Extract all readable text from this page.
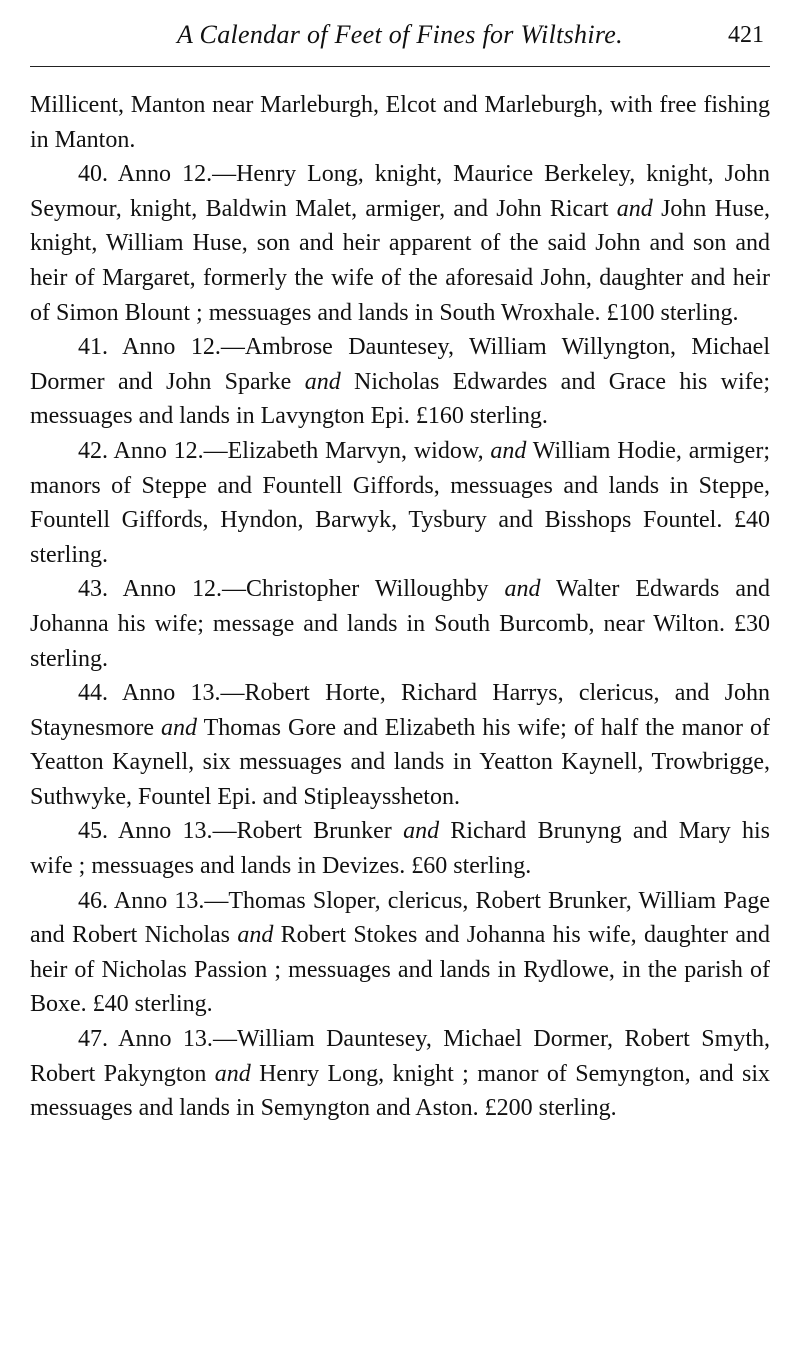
A Calendar of Feet of Fines for Wiltshire.	421

Millicent, Manton near Marleburgh, Elcot and Marleburgh, with free fishing in Manton.

40. Anno 12.—Henry Long, knight, Maurice Berkeley, knight, John Seymour, knight, Baldwin Malet, armiger, and John Ricart and John Huse, knight, William Huse, son and heir apparent of the said John and son and heir of Margaret, formerly the wife of the aforesaid John, daughter and heir of Simon Blount ; messuages and lands in South Wroxhale. £100 sterling.

41. Anno 12.—Ambrose Dauntesey, William Willyngton, Michael Dormer and John Sparke and Nicholas Edwardes and Grace his wife; messuages and lands in Lavyngton Epi. £160 sterling.

42. Anno 12.—Elizabeth Marvyn, widow, and William Hodie, armiger; manors of Steppe and Fountell Giffords, messuages and lands in Steppe, Fountell Giffords, Hyndon, Barwyk, Tysbury and Bisshops Fountel. £40 sterling.

43. Anno 12.—Christopher Willoughby and Walter Edwards and Johanna his wife; message and lands in South Burcomb, near Wilton. £30 sterling.

44. Anno 13.—Robert Horte, Richard Harrys, clericus, and John Staynesmore and Thomas Gore and Elizabeth his wife; of half the manor of Yeatton Kaynell, six messuages and lands in Yeatton Kaynell, Trowbrigge, Suthwyke, Fountel Epi. and Stipleayssheton.

45. Anno 13.—Robert Brunker and Richard Brunyng and Mary his wife ; messuages and lands in Devizes. £60 sterling.

46. Anno 13.—Thomas Sloper, clericus, Robert Brunker, William Page and Robert Nicholas and Robert Stokes and Johanna his wife, daughter and heir of Nicholas Passion ; messuages and lands in Rydlowe, in the parish of Boxe. £40 sterling.

47. Anno 13.—William Dauntesey, Michael Dormer, Robert Smyth, Robert Pakyngton and Henry Long, knight ; manor of Semyngton, and six messuages and lands in Semyngton and Aston. £200 sterling.
